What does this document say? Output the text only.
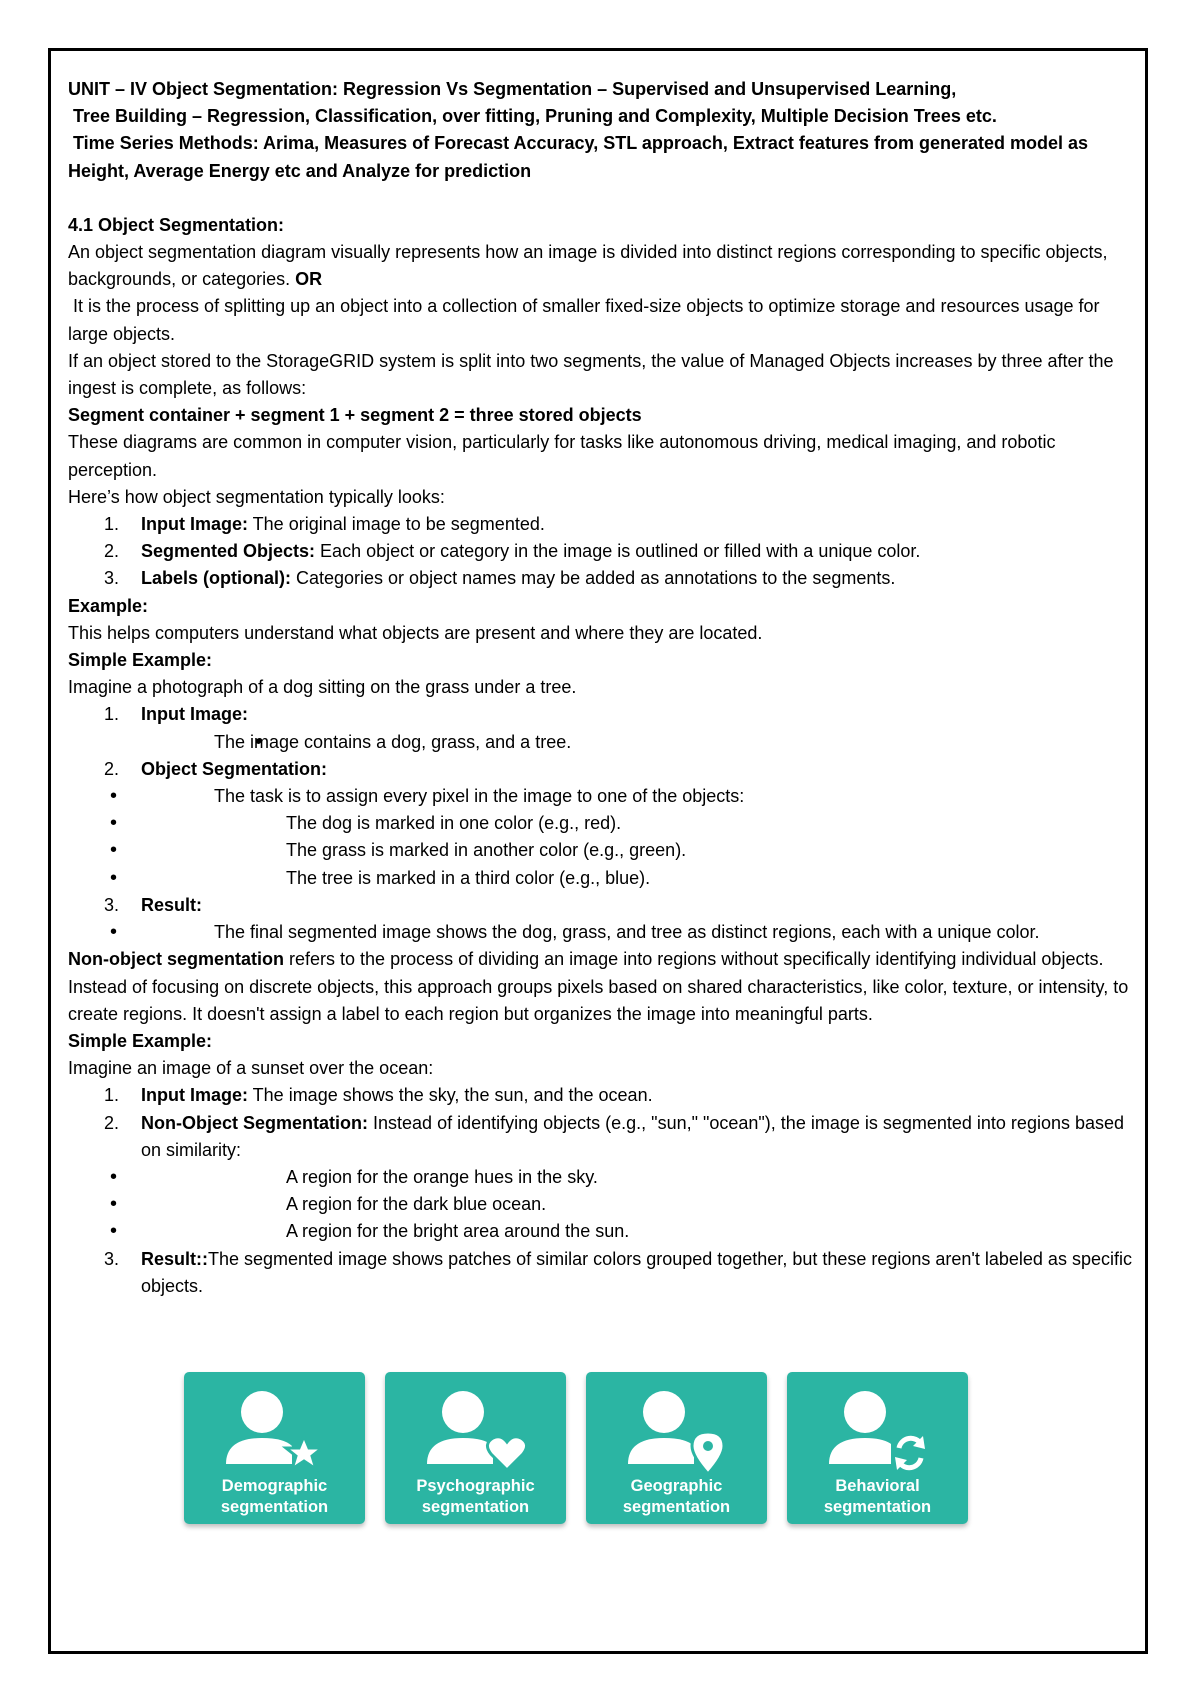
UNIT – IV Object Segmentation: Regression Vs Segmentation – Supervised and Unsupervised Learning,

Tree Building – Regression, Classification, over fitting, Pruning and Complexity, Multiple Decision Trees etc.

Time Series Methods: Arima, Measures of Forecast Accuracy, STL approach, Extract features from generated model as Height, Average Energy etc and Analyze for prediction

4.1 Object Segmentation:

An object segmentation diagram visually represents how an image is divided into distinct regions corresponding to specific objects, backgrounds, or categories. OR

It is the process of splitting up an object into a collection of smaller fixed-size objects to optimize storage and resources usage for large objects.

If an object stored to the StorageGRID system is split into two segments, the value of Managed Objects increases by three after the ingest is complete, as follows:

Segment container + segment 1 + segment 2 = three stored objects

These diagrams are common in computer vision, particularly for tasks like autonomous driving, medical imaging, and robotic perception.

Here’s how object segmentation typically looks:

1. Input Image: The original image to be segmented.
2. Segmented Objects: Each object or category in the image is outlined or filled with a unique color.
3. Labels (optional): Categories or object names may be added as annotations to the segments.

Example:

This helps computers understand what objects are present and where they are located.

Simple Example:

Imagine a photograph of a dog sitting on the grass under a tree.

1. Input Image:
• The image contains a dog, grass, and a tree.
2. Object Segmentation:
• The task is to assign every pixel in the image to one of the objects:
• The dog is marked in one color (e.g., red).
• The grass is marked in another color (e.g., green).
• The tree is marked in a third color (e.g., blue).
3. Result:
• The final segmented image shows the dog, grass, and tree as distinct regions, each with a unique color.

Non-object segmentation refers to the process of dividing an image into regions without specifically identifying individual objects. Instead of focusing on discrete objects, this approach groups pixels based on shared characteristics, like color, texture, or intensity, to create regions. It doesn't assign a label to each region but organizes the image into meaningful parts.

Simple Example:

Imagine an image of a sunset over the ocean:

1. Input Image: The image shows the sky, the sun, and the ocean.
2. Non-Object Segmentation: Instead of identifying objects (e.g., "sun," "ocean"), the image is segmented into regions based on similarity:
• A region for the orange hues in the sky.
• A region for the dark blue ocean.
• A region for the bright area around the sun.
3. Result::The segmented image shows patches of similar colors grouped together, but these regions aren't labeled as specific objects.
Demographic
segmentation
Psychographic
segmentation
Geographic
segmentation
Behavioral
segmentation
